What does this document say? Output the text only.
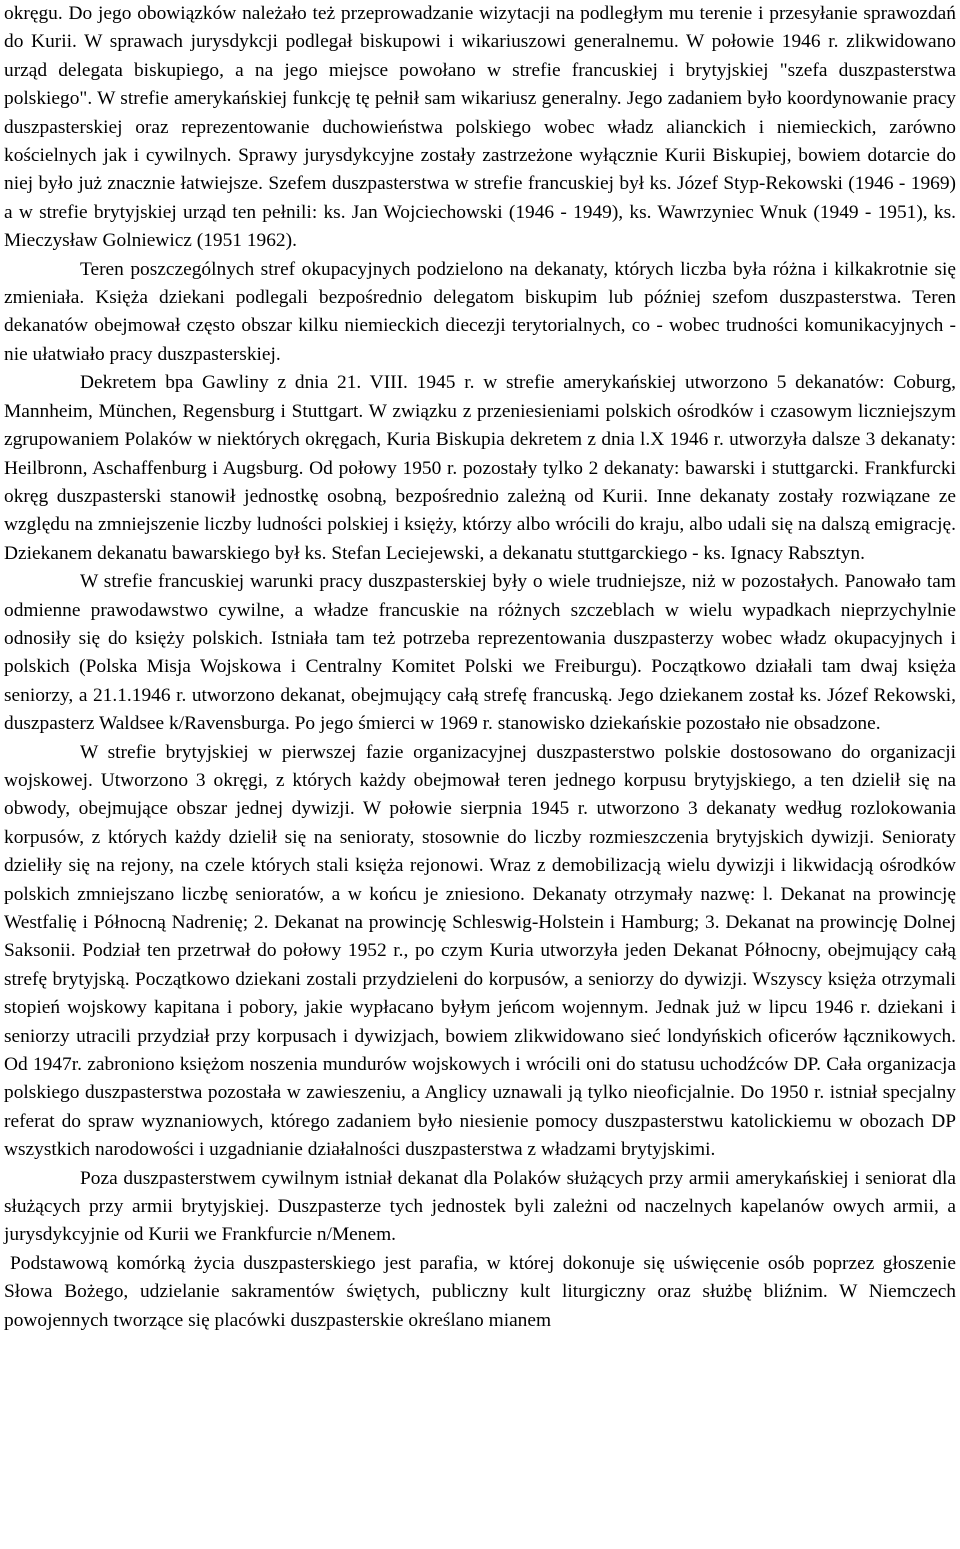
okręgu. Do jego obowiązków należało też przeprowadzanie wizytacji na podległym mu terenie i przesyłanie sprawozdań do Kurii. W sprawach jurysdykcji podlegał biskupowi i wikariuszowi generalnemu. W połowie 1946 r. zlikwidowano urząd delegata biskupiego, a na jego miejsce powołano w strefie francuskiej i brytyjskiej "szefa duszpasterstwa polskiego". W strefie amerykańskiej funkcję tę pełnił sam wikariusz generalny. Jego zadaniem było koordynowanie pracy duszpasterskiej oraz reprezentowanie duchowieństwa polskiego wobec władz alianckich i niemieckich, zarówno kościelnych jak i cywilnych. Sprawy jurysdykcyjne zostały zastrzeżone wyłącznie Kurii Biskupiej, bowiem dotarcie do niej było już znacznie łatwiejsze. Szefem duszpasterstwa w strefie francuskiej był ks. Józef Styp-Rekowski (1946 - 1969) a w strefie brytyjskiej urząd ten pełnili: ks. Jan Wojciechowski (1946 - 1949), ks. Wawrzyniec Wnuk (1949 - 1951), ks. Mieczysław Golniewicz (1951 1962).

Teren poszczególnych stref okupacyjnych podzielono na dekanaty, których liczba była różna i kilkakrotnie się zmieniała. Księża dziekani podlegali bezpośrednio delegatom biskupim lub później szefom duszpasterstwa. Teren dekanatów obejmował często obszar kilku niemieckich diecezji terytorialnych, co - wobec trudności komunikacyjnych - nie ułatwiało pracy duszpasterskiej.

Dekretem bpa Gawliny z dnia 21. VIII. 1945 r. w strefie amerykańskiej utworzono 5 dekanatów: Coburg, Mannheim, München, Regensburg i Stuttgart. W związku z przeniesieniami polskich ośrodków i czasowym liczniejszym zgrupowaniem Polaków w niektórych okręgach, Kuria Biskupia dekretem z dnia l.X 1946 r. utworzyła dalsze 3 dekanaty: Heilbronn, Aschaffenburg i Augsburg. Od połowy 1950 r. pozostały tylko 2 dekanaty: bawarski i stuttgarcki. Frankfurcki okręg duszpasterski stanowił jednostkę osobną, bezpośrednio zależną od Kurii. Inne dekanaty zostały rozwiązane ze względu na zmniejszenie liczby ludności polskiej i księży, którzy albo wrócili do kraju, albo udali się na dalszą emigrację. Dziekanem dekanatu bawarskiego był ks. Stefan Leciejewski, a dekanatu stuttgarckiego - ks. Ignacy Rabsztyn.

W strefie francuskiej warunki pracy duszpasterskiej były o wiele trudniejsze, niż w pozostałych. Panowało tam odmienne prawodawstwo cywilne, a władze francuskie na różnych szczeblach w wielu wypadkach nieprzychylnie odnosiły się do księży polskich. Istniała tam też potrzeba reprezentowania duszpasterzy wobec władz okupacyjnych i polskich (Polska Misja Wojskowa i Centralny Komitet Polski we Freiburgu). Początkowo działali tam dwaj księża seniorzy, a 21.1.1946 r. utworzono dekanat, obejmujący całą strefę francuską. Jego dziekanem został ks. Józef Rekowski, duszpasterz Waldsee k/Ravensburga. Po jego śmierci w 1969 r. stanowisko dziekańskie pozostało nie obsadzone.

W strefie brytyjskiej w pierwszej fazie organizacyjnej duszpasterstwo polskie dostosowano do organizacji wojskowej. Utworzono 3 okręgi, z których każdy obejmował teren jednego korpusu brytyjskiego, a ten dzielił się na obwody, obejmujące obszar jednej dywizji. W połowie sierpnia 1945 r. utworzono 3 dekanaty według rozlokowania korpusów, z których każdy dzielił się na senioraty, stosownie do liczby rozmieszczenia brytyjskich dywizji. Senioraty dzieliły się na rejony, na czele których stali księża rejonowi. Wraz z demobilizacją wielu dywizji i likwidacją ośrodków polskich zmniejszano liczbę senioratów, a w końcu je zniesiono. Dekanaty otrzymały nazwę: l. Dekanat na prowincję Westfalię i Północną Nadrenię; 2. Dekanat na prowincję Schleswig-Holstein i Hamburg; 3. Dekanat na prowincję Dolnej Saksonii. Podział ten przetrwał do połowy 1952 r., po czym Kuria utworzyła jeden Dekanat Północny, obejmujący całą strefę brytyjską. Początkowo dziekani zostali przydzieleni do korpusów, a seniorzy do dywizji. Wszyscy księża otrzymali stopień wojskowy kapitana i pobory, jakie wypłacano byłym jeńcom wojennym. Jednak już w lipcu 1946 r. dziekani i seniorzy utracili przydział przy korpusach i dywizjach, bowiem zlikwidowano sieć londyńskich oficerów łącznikowych. Od 1947r. zabroniono księżom noszenia mundurów wojskowych i wrócili oni do statusu uchodźców DP. Cała organizacja polskiego duszpasterstwa pozostała w zawieszeniu, a Anglicy uznawali ją tylko nieoficjalnie. Do 1950 r. istniał specjalny referat do spraw wyznaniowych, którego zadaniem było niesienie pomocy duszpasterstwu katolickiemu w obozach DP wszystkich narodowości i uzgadnianie działalności duszpasterstwa z władzami brytyjskimi.

Poza duszpasterstwem cywilnym istniał dekanat dla Polaków służących przy armii amerykańskiej i seniorat dla służących przy armii brytyjskiej. Duszpasterze tych jednostek byli zależni od naczelnych kapelanów owych armii, a jurysdykcyjnie od Kurii we Frankfurcie n/Menem.

Podstawową komórką życia duszpasterskiego jest parafia, w której dokonuje się uświęcenie osób poprzez głoszenie Słowa Bożego, udzielanie sakramentów świętych, publiczny kult liturgiczny oraz służbę bliźnim. W Niemczech powojennych tworzące się placówki duszpasterskie określano mianem
